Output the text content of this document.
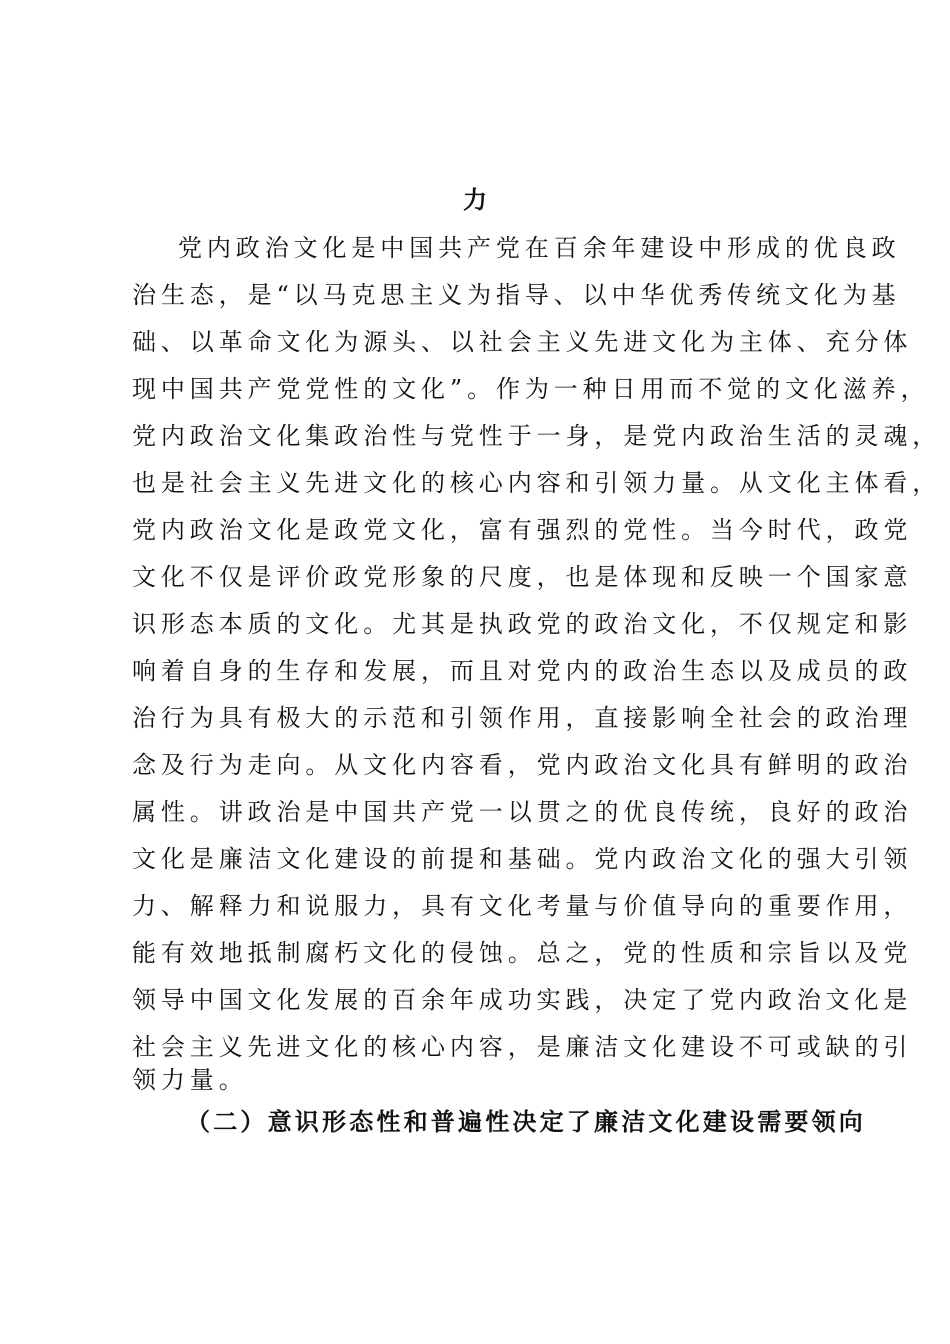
力
党内政治文化是中国共产党在百余年建设中形成的优良政
治生态，是“以马克思主义为指导、以中华优秀传统文化为基
础、以革命文化为源头、以社会主义先进文化为主体、充分体
现中国共产党党性的文化”。作为一种日用而不觉的文化滋养，
党内政治文化集政治性与党性于一身，是党内政治生活的灵魂，
也是社会主义先进文化的核心内容和引领力量。从文化主体看，
党内政治文化是政党文化，富有强烈的党性。当今时代，政党
文化不仅是评价政党形象的尺度，也是体现和反映一个国家意
识形态本质的文化。尤其是执政党的政治文化，不仅规定和影
响着自身的生存和发展，而且对党内的政治生态以及成员的政
治行为具有极大的示范和引领作用，直接影响全社会的政治理
念及行为走向。从文化内容看，党内政治文化具有鲜明的政治
属性。讲政治是中国共产党一以贯之的优良传统，良好的政治
文化是廉洁文化建设的前提和基础。党内政治文化的强大引领
力、解释力和说服力，具有文化考量与价值导向的重要作用，
能有效地抵制腐朽文化的侵蚀。总之，党的性质和宗旨以及党
领导中国文化发展的百余年成功实践，决定了党内政治文化是
社会主义先进文化的核心内容，是廉洁文化建设不可或缺的引
领力量。
（二）意识形态性和普遍性决定了廉洁文化建设需要领向
